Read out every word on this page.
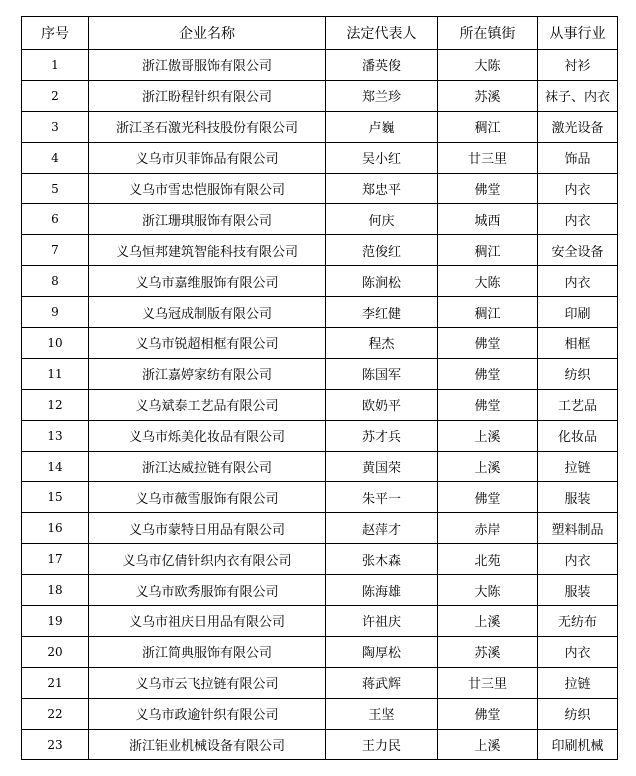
序号	企业名称	法定代表人	所在镇街	从事行业
1	浙江傲哥服饰有限公司	潘英俊	大陈	衬衫
2	浙江盼程针织有限公司	郑兰珍	苏溪	袜子、内衣
3	浙江圣石激光科技股份有限公司	卢巍	稠江	激光设备
4	义乌市贝菲饰品有限公司	吴小红	廿三里	饰品
5	义乌市雪忠恺服饰有限公司	郑忠平	佛堂	内衣
6	浙江珊琪服饰有限公司	何庆	城西	内衣
7	义乌恒邦建筑智能科技有限公司	范俊红	稠江	安全设备
8	义乌市嘉维服饰有限公司	陈涧松	大陈	内衣
9	义乌冠成制版有限公司	李红健	稠江	印刷
10	义乌市锐超相框有限公司	程杰	佛堂	相框
11	浙江嘉婷家纺有限公司	陈国军	佛堂	纺织
12	义乌斌泰工艺品有限公司	欧奶平	佛堂	工艺品
13	义乌市烁美化妆品有限公司	苏才兵	上溪	化妆品
14	浙江达威拉链有限公司	黄国荣	上溪	拉链
15	义乌市薇雪服饰有限公司	朱平一	佛堂	服装
16	义乌市蒙特日用品有限公司	赵萍才	赤岸	塑料制品
17	义乌市亿倩针织内衣有限公司	张木森	北苑	内衣
18	义乌市欧秀服饰有限公司	陈海雄	大陈	服装
19	义乌市祖庆日用品有限公司	许祖庆	上溪	无纺布
20	浙江简典服饰有限公司	陶厚松	苏溪	内衣
21	义乌市云飞拉链有限公司	蒋武辉	廿三里	拉链
22	义乌市政逾针织有限公司	王坚	佛堂	纺织
23	浙江钜业机械设备有限公司	王力民	上溪	印刷机械
